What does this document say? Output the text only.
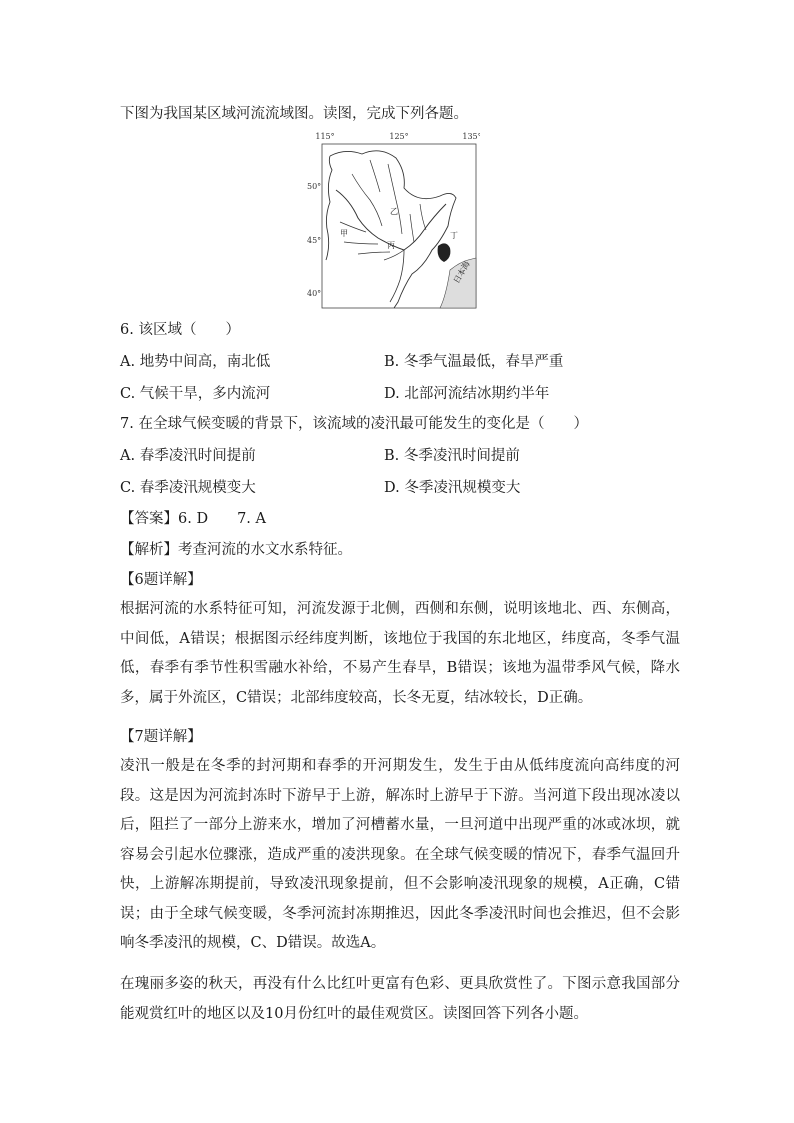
下图为我国某区域河流流域图。读图，完成下列各题。
115°	125°	135°
50°
45°
40°
甲
乙
丙
丁
日本海
6. 该区域（　　）
A. 地势中间高，南北低	B. 冬季气温最低，春旱严重
C. 气候干旱，多内流河	D. 北部河流结冰期约半年
7. 在全球气候变暖的背景下，该流域的凌汛最可能发生的变化是（　　）
A. 春季凌汛时间提前	B. 冬季凌汛时间提前
C. 春季凌汛规模变大	D. 冬季凌汛规模变大
【答案】6. D　　7. A
【解析】考查河流的水文水系特征。
【6题详解】
根据河流的水系特征可知，河流发源于北侧，西侧和东侧，说明该地北、西、东侧高，中间低，A错误；根据图示经纬度判断，该地位于我国的东北地区，纬度高，冬季气温低，春季有季节性积雪融水补给，不易产生春旱，B错误；该地为温带季风气候，降水多，属于外流区，C错误；北部纬度较高，长冬无夏，结冰较长，D正确。
【7题详解】
凌汛一般是在冬季的封河期和春季的开河期发生，发生于由从低纬度流向高纬度的河段。这是因为河流封冻时下游早于上游，解冻时上游早于下游。当河道下段出现冰凌以后，阻拦了一部分上游来水，增加了河槽蓄水量，一旦河道中出现严重的冰或冰坝，就容易会引起水位骤涨，造成严重的凌洪现象。在全球气候变暖的情况下，春季气温回升快，上游解冻期提前，导致凌汛现象提前，但不会影响凌汛现象的规模，A正确，C错误；由于全球气候变暖，冬季河流封冻期推迟，因此冬季凌汛时间也会推迟，但不会影响冬季凌汛的规模，C、D错误。故选A。
在瑰丽多姿的秋天，再没有什么比红叶更富有色彩、更具欣赏性了。下图示意我国部分能观赏红叶的地区以及10月份红叶的最佳观赏区。读图回答下列各小题。
